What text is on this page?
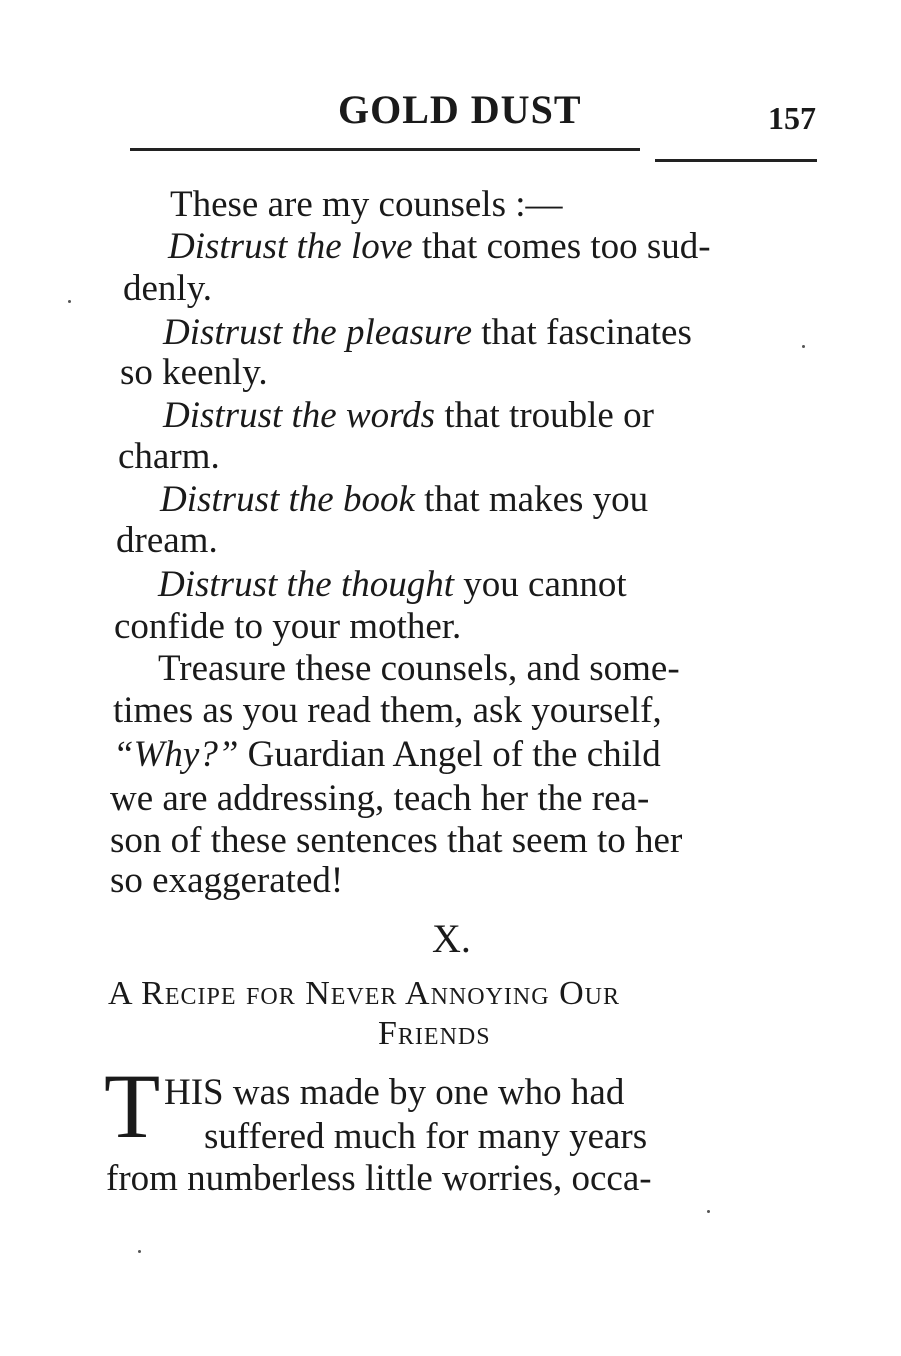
GOLD DUST	157
These are my counsels :—
Distrust the love that comes too sud-
denly.
Distrust the pleasure that fascinates
so keenly.
Distrust the words that trouble or
charm.
Distrust the book that makes you
dream.
Distrust the thought you cannot
confide to your mother.
Treasure these counsels, and some-
times as you read them, ask yourself,
“Why?” Guardian Angel of the child
we are addressing, teach her the rea-
son of these sentences that seem to her
so exaggerated!
X.
A Recipe for Never Annoying Our
Friends
T HIS was made by one who had
suffered much for many years
from numberless little worries, occa-
